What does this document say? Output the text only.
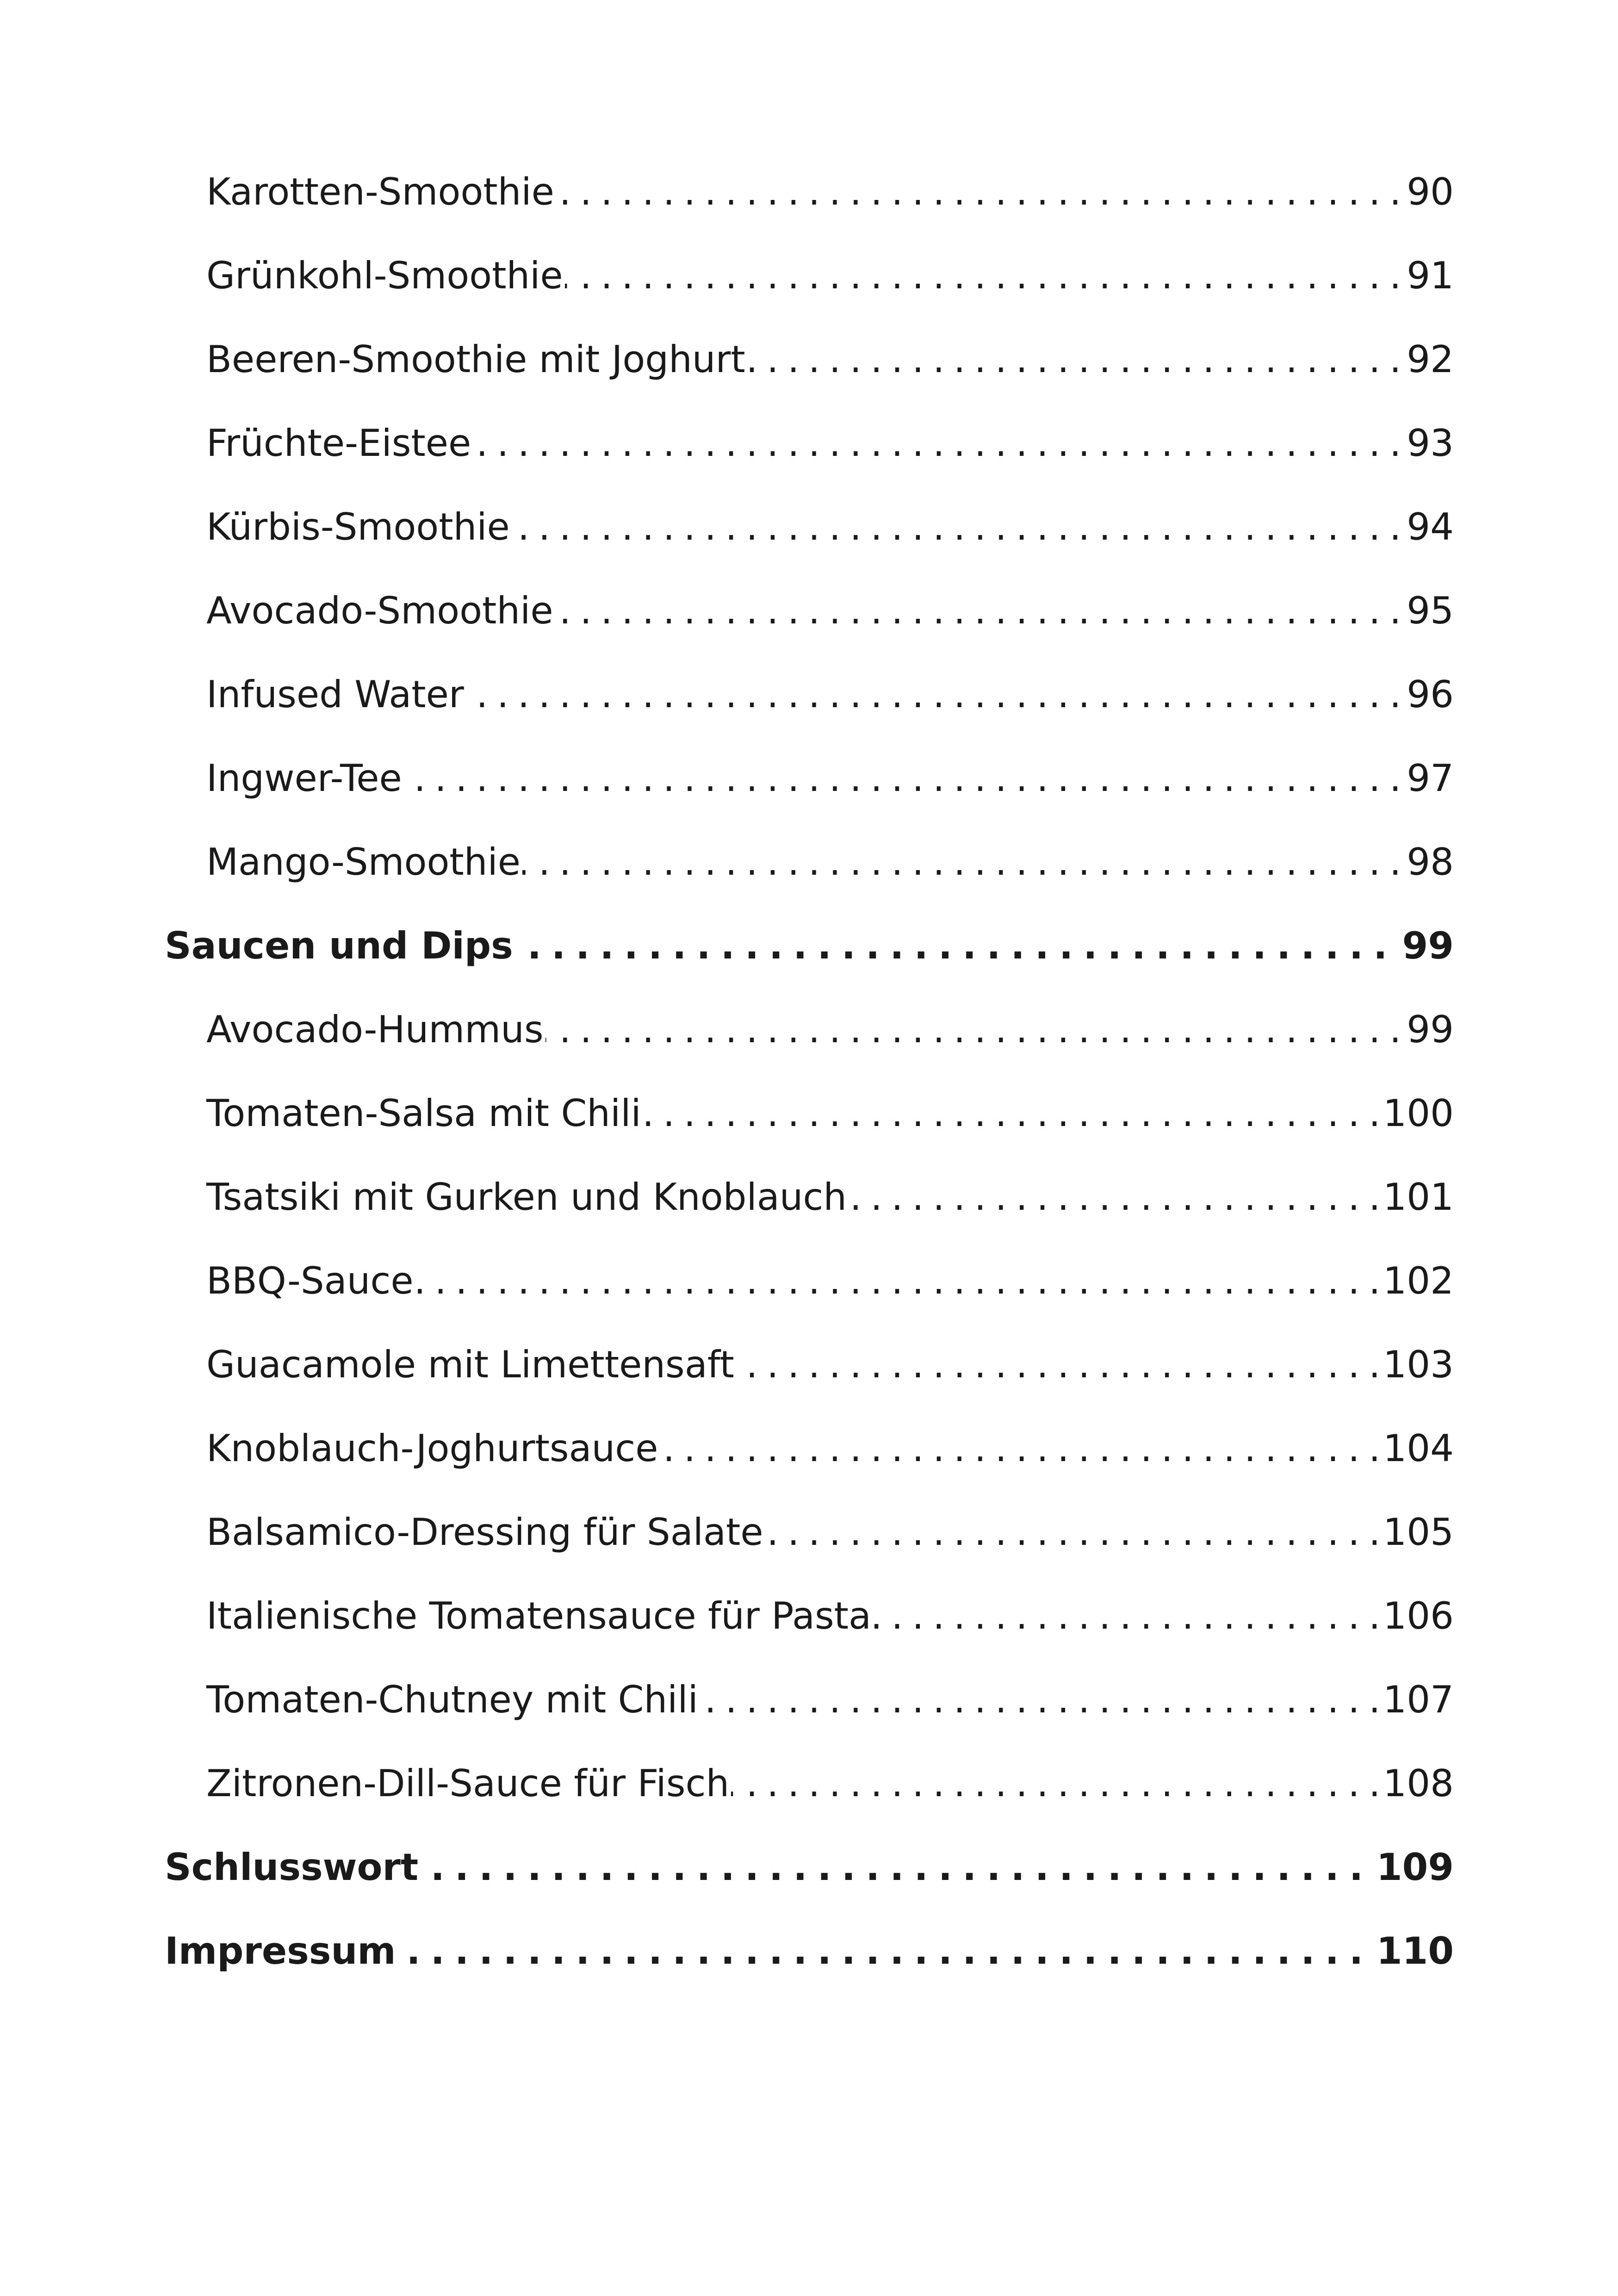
. . . Karotten-Smoothie	90
. . . Grünkohl-Smoothie	91
. . . Beeren-Smoothie mit Joghurt	92
. . . Früchte-Eistee	93
. . . Kürbis-Smoothie	94
. . . Avocado-Smoothie	95
. . . Infused Water	96
. . . Ingwer-Tee	97
. . . Mango-Smoothie	98
. . . Saucen und Dips	99
. . . Avocado-Hummus	99
. . . Tomaten-Salsa mit Chili	100
. . . Tsatsiki mit Gurken und Knoblauch	101
. . . BBQ-Sauce	102
. . . Guacamole mit Limettensaft	103
. . . Knoblauch-Joghurtsauce	104
. . . Balsamico-Dressing für Salate	105
. . . Italienische Tomatensauce für Pasta	106
. . . Tomaten-Chutney mit Chili	107
. . . Zitronen-Dill-Sauce für Fisch	108
. . . Schlusswort	109
. . . Impressum	110
